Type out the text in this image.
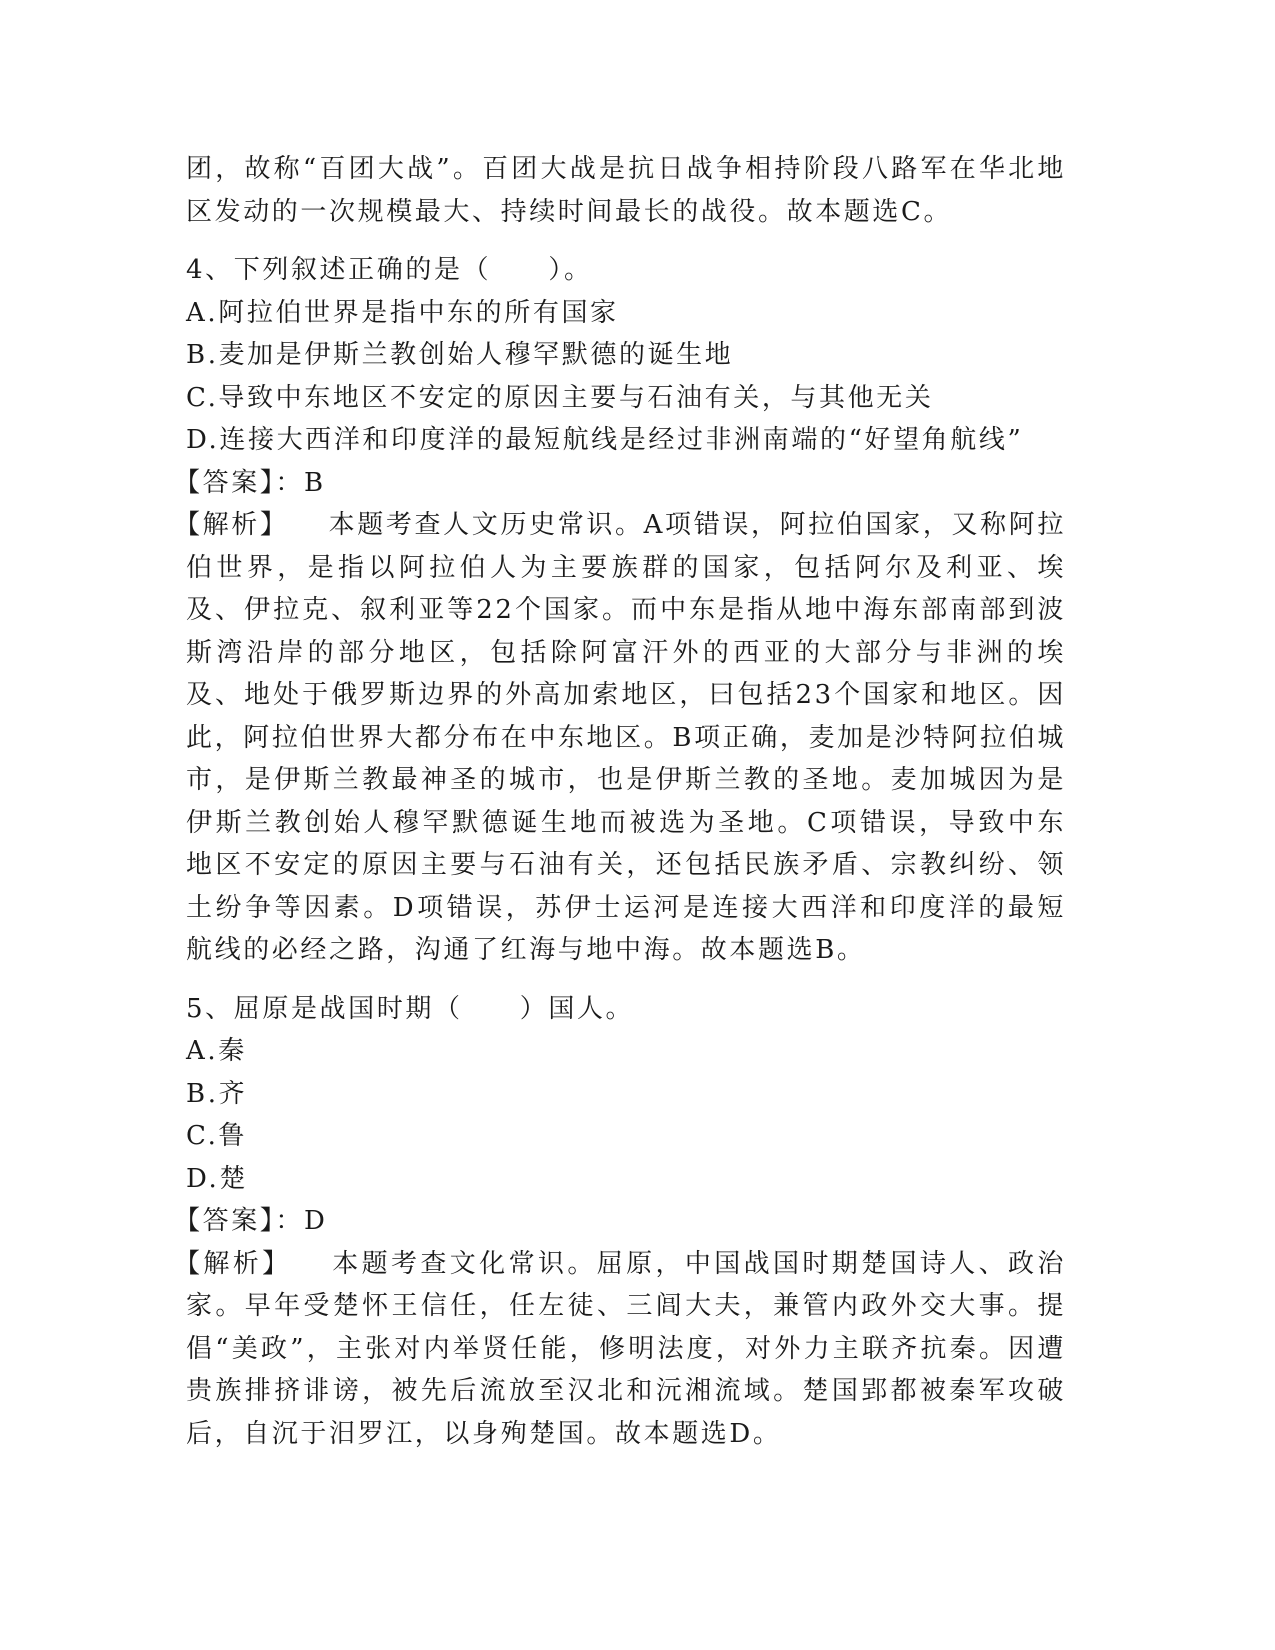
团，故称“百团大战”。百团大战是抗日战争相持阶段八路军在华北地区发动的一次规模最大、持续时间最长的战役。故本题选C。

4、下列叙述正确的是（　　）。

A.阿拉伯世界是指中东的所有国家

B.麦加是伊斯兰教创始人穆罕默德的诞生地

C.导致中东地区不安定的原因主要与石油有关，与其他无关

D.连接大西洋和印度洋的最短航线是经过非洲南端的“好望角航线”

【答案】：B

【解析】 本题考查人文历史常识。A项错误，阿拉伯国家，又称阿拉伯世界，是指以阿拉伯人为主要族群的国家，包括阿尔及利亚、埃及、伊拉克、叙利亚等22个国家。而中东是指从地中海东部南部到波斯湾沿岸的部分地区，包括除阿富汗外的西亚的大部分与非洲的埃及、地处于俄罗斯边界的外高加索地区，曰包括23个国家和地区。因此，阿拉伯世界大都分布在中东地区。B项正确，麦加是沙特阿拉伯城市，是伊斯兰教最神圣的城市，也是伊斯兰教的圣地。麦加城因为是伊斯兰教创始人穆罕默德诞生地而被选为圣地。C项错误，导致中东地区不安定的原因主要与石油有关，还包括民族矛盾、宗教纠纷、领土纷争等因素。D项错误，苏伊士运河是连接大西洋和印度洋的最短航线的必经之路，沟通了红海与地中海。故本题选B。

5、屈原是战国时期（　　）国人。

A.秦

B.齐

C.鲁

D.楚

【答案】：D

【解析】 本题考查文化常识。屈原，中国战国时期楚国诗人、政治家。早年受楚怀王信任，任左徒、三闾大夫，兼管内政外交大事。提倡“美政”，主张对内举贤任能，修明法度，对外力主联齐抗秦。因遭贵族排挤诽谤，被先后流放至汉北和沅湘流域。楚国郢都被秦军攻破后，自沉于汨罗江，以身殉楚国。故本题选D。
